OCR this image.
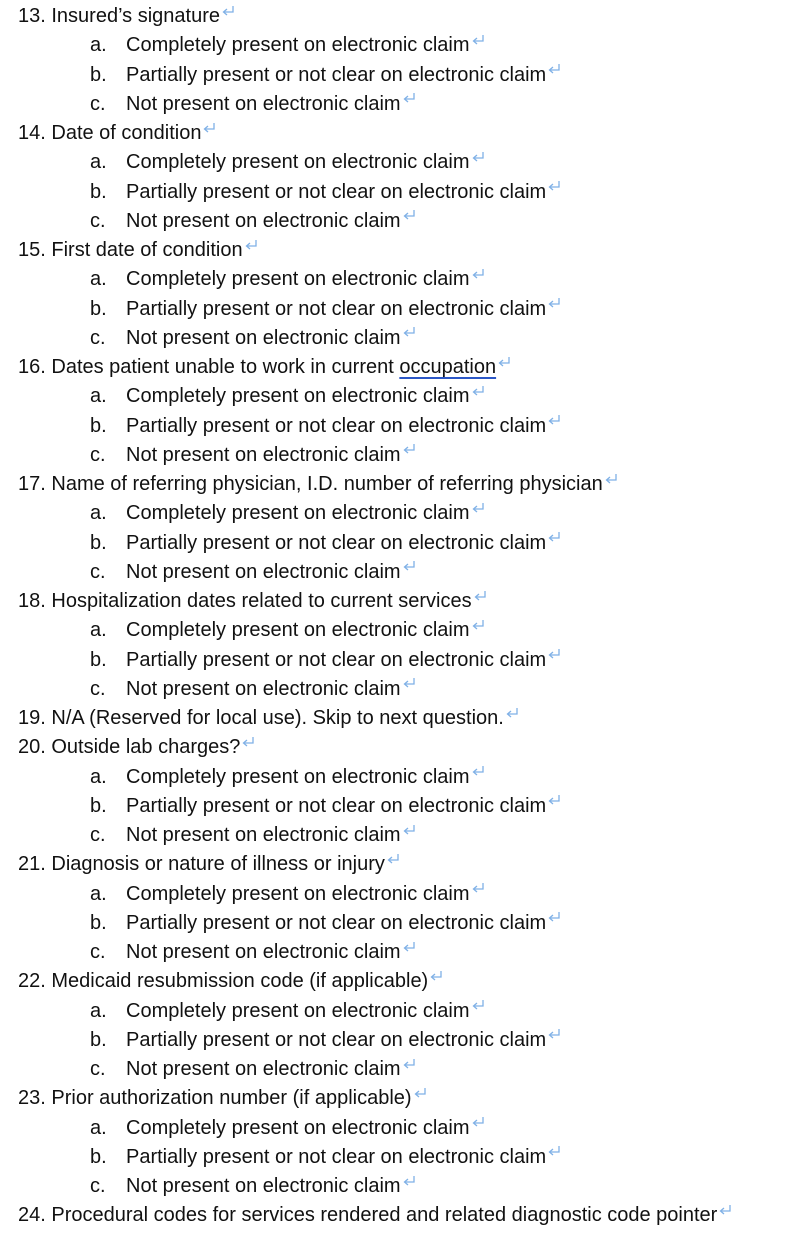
13. Insured’s signature
a. Completely present on electronic claim
b. Partially present or not clear on electronic claim
c. Not present on electronic claim
14. Date of condition
a. Completely present on electronic claim
b. Partially present or not clear on electronic claim
c. Not present on electronic claim
15. First date of condition
a. Completely present on electronic claim
b. Partially present or not clear on electronic claim
c. Not present on electronic claim
16. Dates patient unable to work in current occupation
a. Completely present on electronic claim
b. Partially present or not clear on electronic claim
c. Not present on electronic claim
17. Name of referring physician, I.D. number of referring physician
a. Completely present on electronic claim
b. Partially present or not clear on electronic claim
c. Not present on electronic claim
18. Hospitalization dates related to current services
a. Completely present on electronic claim
b. Partially present or not clear on electronic claim
c. Not present on electronic claim
19. N/A (Reserved for local use). Skip to next question.
20. Outside lab charges?
a. Completely present on electronic claim
b. Partially present or not clear on electronic claim
c. Not present on electronic claim
21. Diagnosis or nature of illness or injury
a. Completely present on electronic claim
b. Partially present or not clear on electronic claim
c. Not present on electronic claim
22. Medicaid resubmission code (if applicable)
a. Completely present on electronic claim
b. Partially present or not clear on electronic claim
c. Not present on electronic claim
23. Prior authorization number (if applicable)
a. Completely present on electronic claim
b. Partially present or not clear on electronic claim
c. Not present on electronic claim
24. Procedural codes for services rendered and related diagnostic code pointer
